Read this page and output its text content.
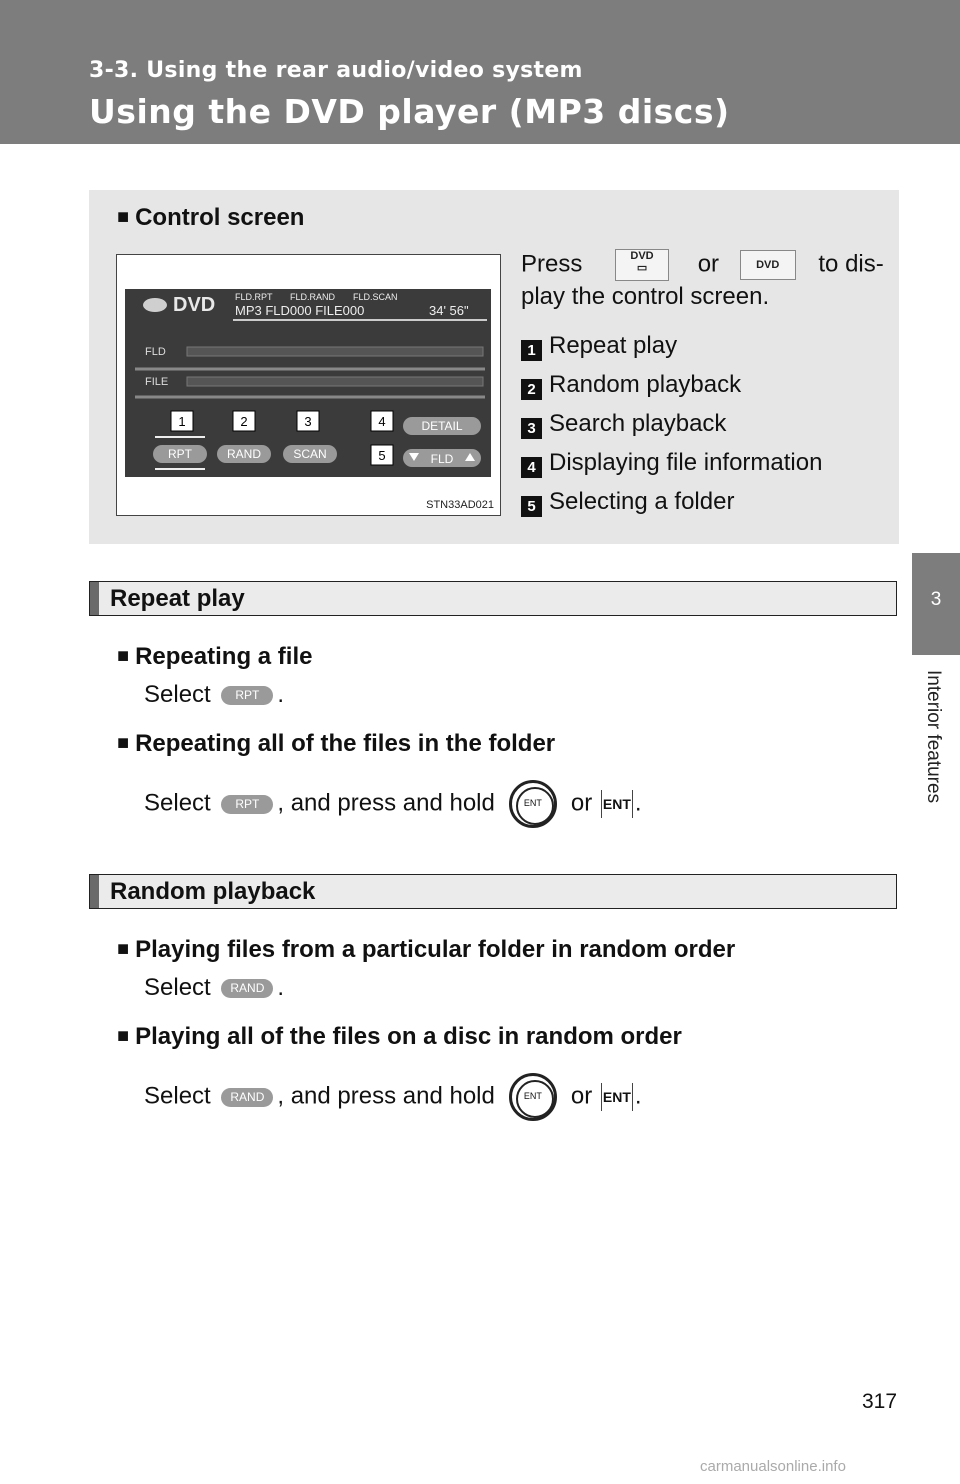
3-3. Using the rear audio/video system
Using the DVD player (MP3 discs)
3
Interior features
■ Control screen
DVD FLD.RPT FLD.RAND FLD.SCAN
MP3 FLD000 FILE000	34' 56"
FLD
FILE
1	2	3	4
5
DETAIL
RPT	RAND	SCAN	FLD
STN33AD021
Press	DVD
▭ or	DVD to dis-
play the control screen.
1 Repeat play
2 Random playback
3 Search playback
4 Displaying file information
5 Selecting a folder
Repeat play
■ Repeating a file
Select RPT .
■ Repeating all of the files in the folder
Select RPT , and press and hold	ENT	or ENT .
Random playback
■ Playing files from a particular folder in random order
Select RAND .
■ Playing all of the files on a disc in random order
Select RAND , and press and hold	ENT	or ENT .
317
carmanualsonline.info
